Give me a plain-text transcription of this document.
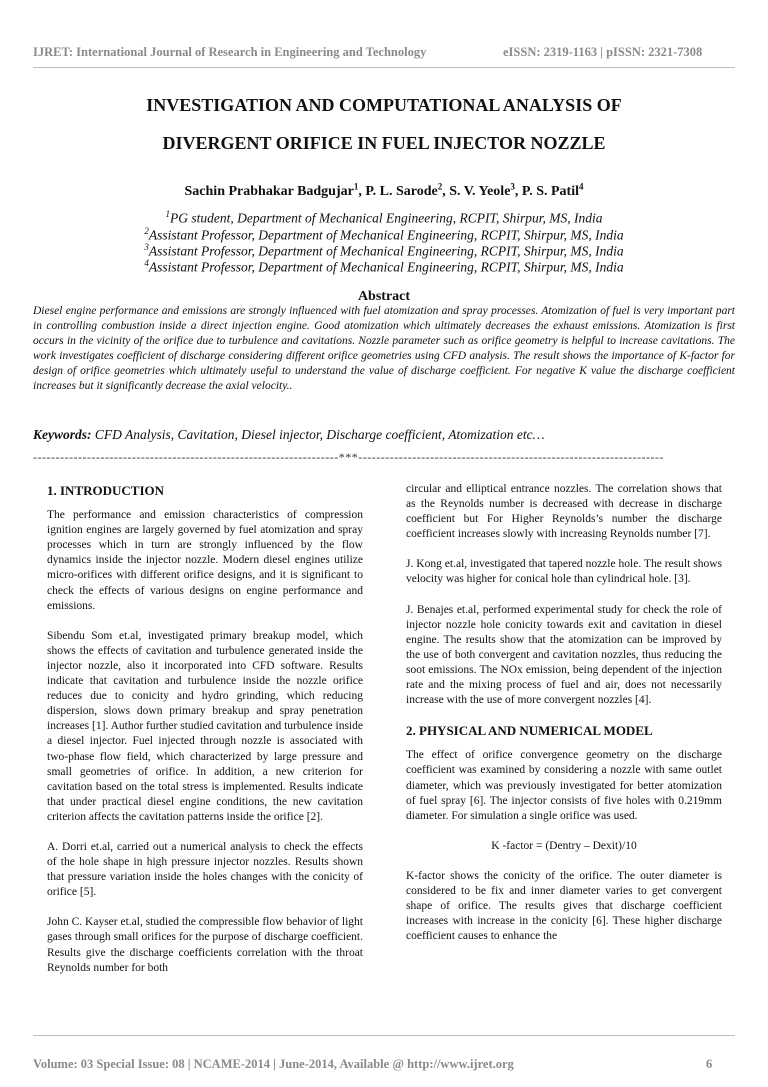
IJRET: International Journal of Research in Engineering and Technology	eISSN: 2319-1163 | pISSN: 2321-7308
INVESTIGATION AND COMPUTATIONAL ANALYSIS OF
DIVERGENT ORIFICE IN FUEL INJECTOR NOZZLE
Sachin Prabhakar Badgujar$^1$, P. L. Sarode$^2$, S. V. Yeole$^3$, P. S. Patil$^4$
$^1$PG student, Department of Mechanical Engineering, RCPIT, Shirpur, MS, India
$^2$Assistant Professor, Department of Mechanical Engineering, RCPIT, Shirpur, MS, India
$^3$Assistant Professor, Department of Mechanical Engineering, RCPIT, Shirpur, MS, India
$^4$Assistant Professor, Department of Mechanical Engineering, RCPIT, Shirpur, MS, India
Abstract
Diesel engine performance and emissions are strongly influenced with fuel atomization and spray processes. Atomization of fuel is very important part in controlling combustion inside a direct injection engine. Good atomization which ultimately decreases the exhaust emissions. Atomization is first occurs in the vicinity of the orifice due to turbulence and cavitations. Nozzle parameter such as orifice geometry is helpful to increase cavitations. The work investigates coefficient of discharge considering different orifice geometries using CFD analysis. The result shows the importance of K-factor for design of orifice geometries which ultimately useful to understand the value of discharge coefficient. For negative K value the discharge coefficient increases but it significantly decrease the axial velocity..
Keywords: CFD Analysis, Cavitation, Diesel injector, Discharge coefficient, Atomization etc…
--------------------------------------------------------------------***--------------------------------------------------------------------
1. INTRODUCTION
The performance and emission characteristics of compression ignition engines are largely governed by fuel atomization and spray processes which in turn are strongly influenced by the flow dynamics inside the injector nozzle. Modern diesel engines utilize micro-orifices with different orifice designs, and it is significant to check the effects of various designs on engine performance and emissions.
Sibendu Som et.al, investigated primary breakup model, which shows the effects of cavitation and turbulence generated inside the injector nozzle, also it incorporated into CFD software. Results indicate that cavitation and turbulence inside the nozzle orifice reduces due to conicity and hydro grinding, which reducing dispersion, slows down primary breakup and spray penetration increases [1]. Author further studied cavitation and turbulence inside a diesel injector. Fuel injected through nozzle is associated with two-phase flow field, which characterized by large pressure and small geometries of orifice. In addition, a new criterion for cavitation based on the total stress is implemented. Results indicate that under practical diesel engine conditions, the new cavitation criterion affects the cavitation patterns inside the orifice [2].
A. Dorri et.al, carried out a numerical analysis to check the effects of the hole shape in high pressure injector nozzles. Results shown that pressure variation inside the holes changes with the conicity of orifice [5].
John C. Kayser et.al, studied the compressible flow behavior of light gases through small orifices for the purpose of discharge coefficient. Results give the discharge coefficients correlation with the throat Reynolds number for both
circular and elliptical entrance nozzles. The correlation shows that as the Reynolds number is decreased with decrease in discharge coefficient but For Higher Reynolds’s number the discharge coefficient increases slowly with increasing Reynolds number [7].
J. Kong et.al, investigated that tapered nozzle hole. The result shows velocity was higher for conical hole than cylindrical hole. [3].
J. Benajes et.al, performed experimental study for check the role of injector nozzle hole conicity towards exit and cavitation in diesel engine. The results show that the atomization can be improved by the use of both convergent and cavitation nozzles, thus reducing the soot emissions. The NOx emission, being dependent of the injection rate and the mixing process of fuel and air, does not necessarily increase with the use of more convergent nozzles [4].
2. PHYSICAL AND NUMERICAL MODEL
The effect of orifice convergence geometry on the discharge coefficient was examined by considering a nozzle with same outlet diameter, which was previously investigated for better atomization of fuel spray [6]. The injector consists of five holes with 0.219mm diameter. For simulation a single orifice was used.
K -factor = (Dentry – Dexit)/10
K-factor shows the conicity of the orifice. The outer diameter is considered to be fix and inner diameter varies to get convergent shape of orifice. The results gives that discharge coefficient increases with increase in the conicity [6]. These higher discharge coefficient causes to enhance the
Volume: 03 Special Issue: 08 | NCAME-2014 | June-2014, Available @ http://www.ijret.org	6
